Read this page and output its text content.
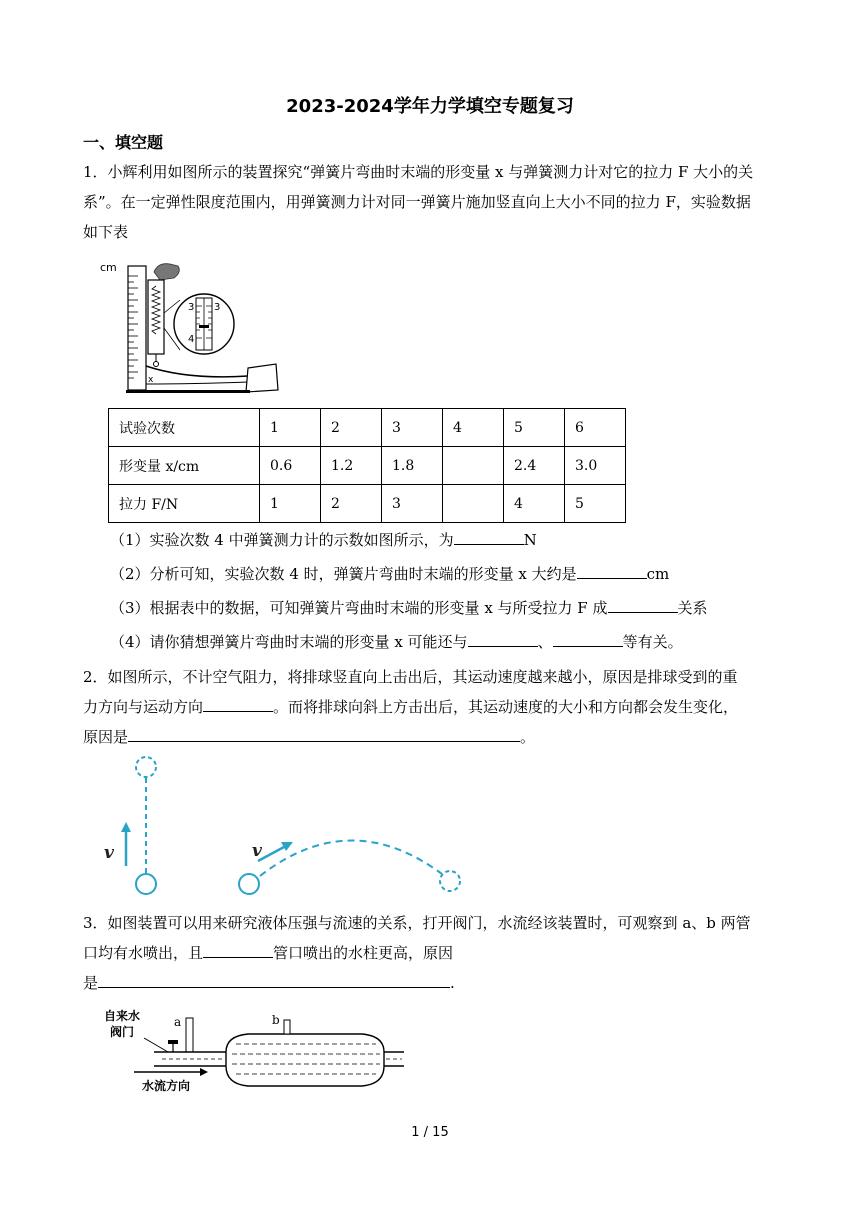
2023-2024学年力学填空专题复习
一、填空题
1．小辉利用如图所示的装置探究“弹簧片弯曲时末端的形变量 x 与弹簧测力计对它的拉力 F 大小的关
系”。在一定弹性限度范围内，用弹簧测力计对同一弹簧片施加竖直向上大小不同的拉力 F，实验数据
如下表
cm
3 3
4
x
试验次数	1	2	3	4	5	6
形变量 x/cm	0.6	1.2	1.8		2.4	3.0
拉力 F/N	1	2	3		4	5
（1）实验次数 4 中弹簧测力计的示数如图所示，为	N
（2）分析可知，实验次数 4 时，弹簧片弯曲时末端的形变量 x 大约是	cm
（3）根据表中的数据，可知弹簧片弯曲时末端的形变量 x 与所受拉力 F 成	关系
（4）请你猜想弹簧片弯曲时末端的形变量 x 可能还与	、	等有关。
2．如图所示，不计空气阻力，将排球竖直向上击出后，其运动速度越来越小，原因是排球受到的重
力方向与运动方向	。而将排球向斜上方击出后，其运动速度的大小和方向都会发生变化，
原因是	。
v	v
3．如图装置可以用来研究液体压强与流速的关系，打开阀门，水流经该装置时，可观察到 a、b 两管
口均有水喷出，且	管口喷出的水柱更高，原因
是	.
自来水
阀门
a	b
水流方向
1 / 15
